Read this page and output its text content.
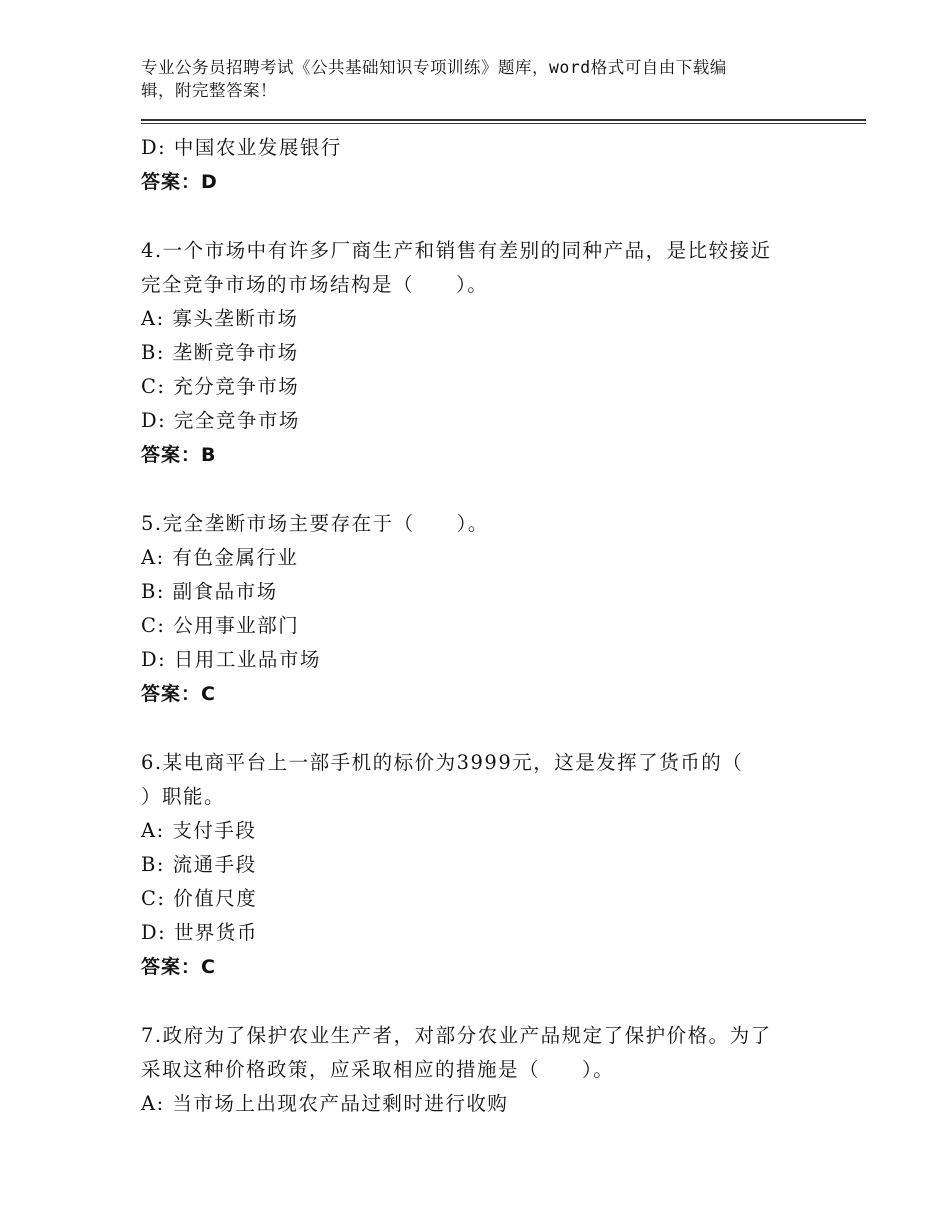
专业公务员招聘考试《公共基础知识专项训练》题库，word格式可自由下载编
辑，附完整答案！
D: 中国农业发展银行
答案：D
4.一个市场中有许多厂商生产和销售有差别的同种产品，是比较接近
完全竞争市场的市场结构是（　　）。
A: 寡头垄断市场
B: 垄断竞争市场
C: 充分竞争市场
D: 完全竞争市场
答案：B
5.完全垄断市场主要存在于（　　）。
A: 有色金属行业
B: 副食品市场
C: 公用事业部门
D: 日用工业品市场
答案：C
6.某电商平台上一部手机的标价为3999元，这是发挥了货币的（
）职能。
A: 支付手段
B: 流通手段
C: 价值尺度
D: 世界货币
答案：C
7.政府为了保护农业生产者，对部分农业产品规定了保护价格。为了
采取这种价格政策，应采取相应的措施是（　　）。
A: 当市场上出现农产品过剩时进行收购
